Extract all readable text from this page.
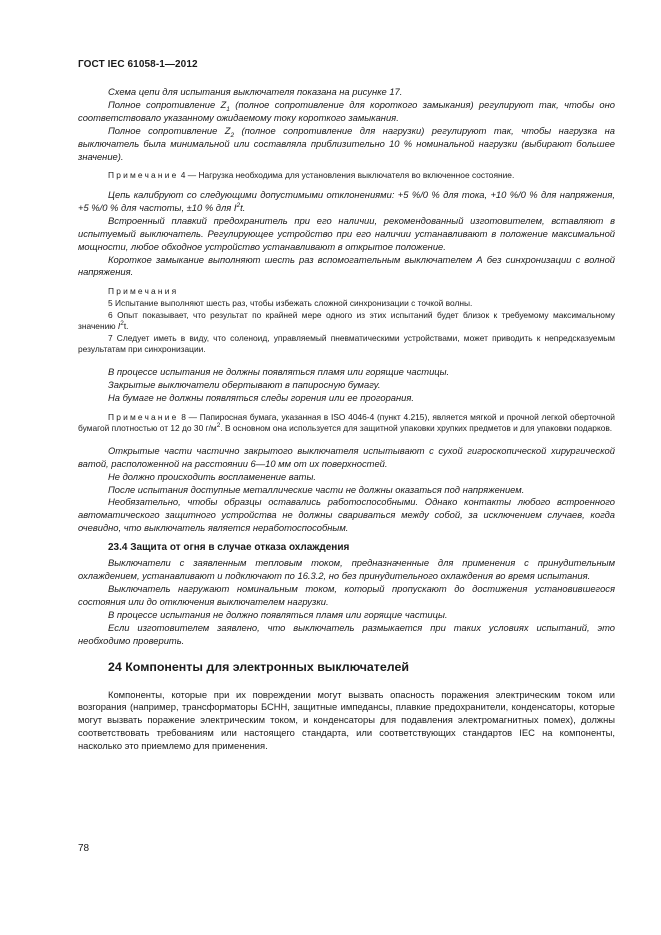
ГОСТ IEC 61058-1—2012

Схема цепи для испытания выключателя показана на рисунке 17.

Полное сопротивление $Z_1$ (полное сопротивление для короткого замыкания) регулируют так, чтобы оно соответствовало указанному ожидаемому току короткого замыкания.

Полное сопротивление $Z_2$ (полное сопротивление для нагрузки) регулируют так, чтобы нагрузка на выключатель была минимальной или составляла приблизительно 10 % номинальной нагрузки (выбирают большее значение).

Примечание 4 — Нагрузка необходима для установления выключателя во включенное состояние.

Цепь калибруют со следующими допустимыми отклонениями: +5 %/0 % для тока, +10 %/0 % для напряжения, +5 %/0 % для частоты, ±10 % для $I^2t$.

Встроенный плавкий предохранитель при его наличии, рекомендованный изготовителем, вставляют в испытуемый выключатель. Регулирующее устройство при его наличии устанавливают в положение максимальной мощности, любое обходное устройство устанавливают в открытое положение.

Короткое замыкание выполняют шесть раз вспомогательным выключателем А без синхронизации с волной напряжения.

Примечания

5 Испытание выполняют шесть раз, чтобы избежать сложной синхронизации с точкой волны.

6 Опыт показывает, что результат по крайней мере одного из этих испытаний будет близок к требуемому максимальному значению $I^2t$.

7 Следует иметь в виду, что соленоид, управляемый пневматическими устройствами, может приводить к непредсказуемым результатам при синхронизации.

В процессе испытания не должны появляться пламя или горящие частицы.

Закрытые выключатели обертывают в папиросную бумагу.

На бумаге не должны появляться следы горения или ее прогорания.

Примечание 8 — Папиросная бумага, указанная в ISO 4046-4 (пункт 4.215), является мягкой и прочной легкой оберточной бумагой плотностью от 12 до 30 $г/м^2$. В основном она используется для защитной упаковки хрупких предметов и для упаковки подарков.

Открытые части частично закрытого выключателя испытывают с сухой гигроскопической хирургической ватой, расположенной на расстоянии 6—10 мм от их поверхностей.

Не должно происходить воспламенение ваты.

После испытания доступные металлические части не должны оказаться под напряжением.

Необязательно, чтобы образцы оставались работоспособными. Однако контакты любого встроенного автоматического защитного устройства не должны свариваться между собой, за исключением случаев, когда очевидно, что выключатель является неработоспособным.

23.4 Защита от огня в случае отказа охлаждения

Выключатели с заявленным тепловым током, предназначенные для применения с принудительным охлаждением, устанавливают и подключают по 16.3.2, но без принудительного охлаждения во время испытания.

Выключатель нагружают номинальным током, который пропускают до достижения установившегося состояния или до отключения выключателем нагрузки.

В процессе испытания не должно появляться пламя или горящие частицы.

Если изготовителем заявлено, что выключатель размыкается при таких условиях испытаний, это необходимо проверить.

24 Компоненты для электронных выключателей

Компоненты, которые при их повреждении могут вызвать опасность поражения электрическим током или возгорания (например, трансформаторы БСНН, защитные импедансы, плавкие предохранители, конденсаторы, которые могут вызвать поражение электрическим током, и конденсаторы для подавления электромагнитных помех), должны соответствовать требованиям или настоящего стандарта, или соответствующих стандартов IEC на компоненты, насколько это приемлемо для применения.

78
